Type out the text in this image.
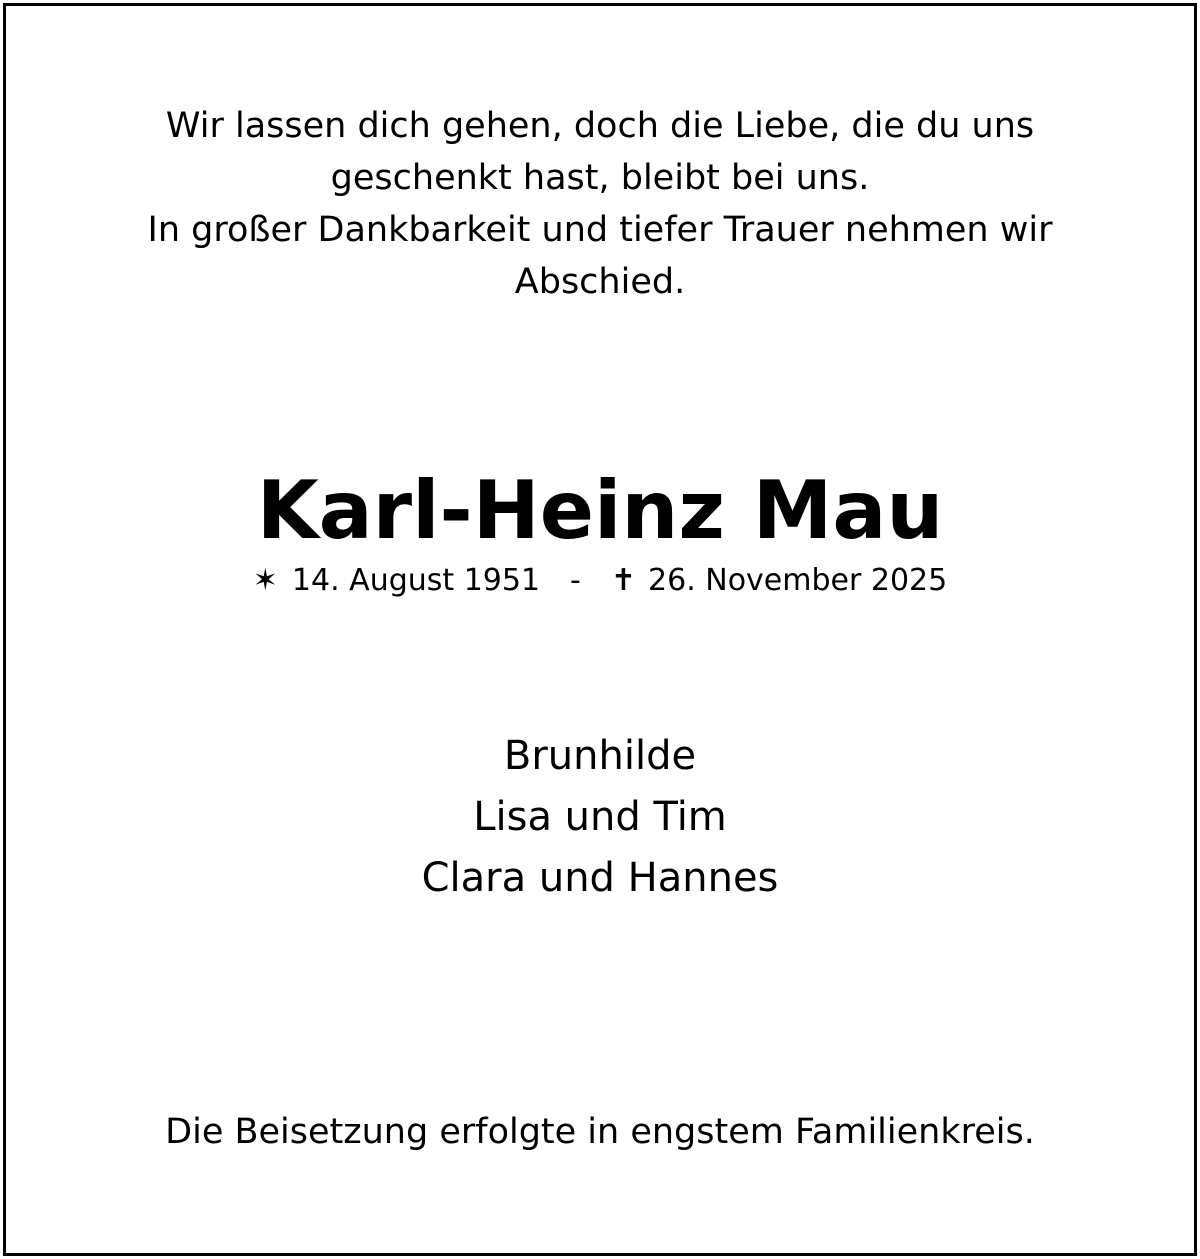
Wir lassen dich gehen, doch die Liebe, die du uns
geschenkt hast, bleibt bei uns.
In großer Dankbarkeit und tiefer Trauer nehmen wir
Abschied.
Karl-Heinz Mau
✶ 14. August 1951 - ✝ 26. November 2025
Brunhilde
Lisa und Tim
Clara und Hannes
Die Beisetzung erfolgte in engstem Familienkreis.
